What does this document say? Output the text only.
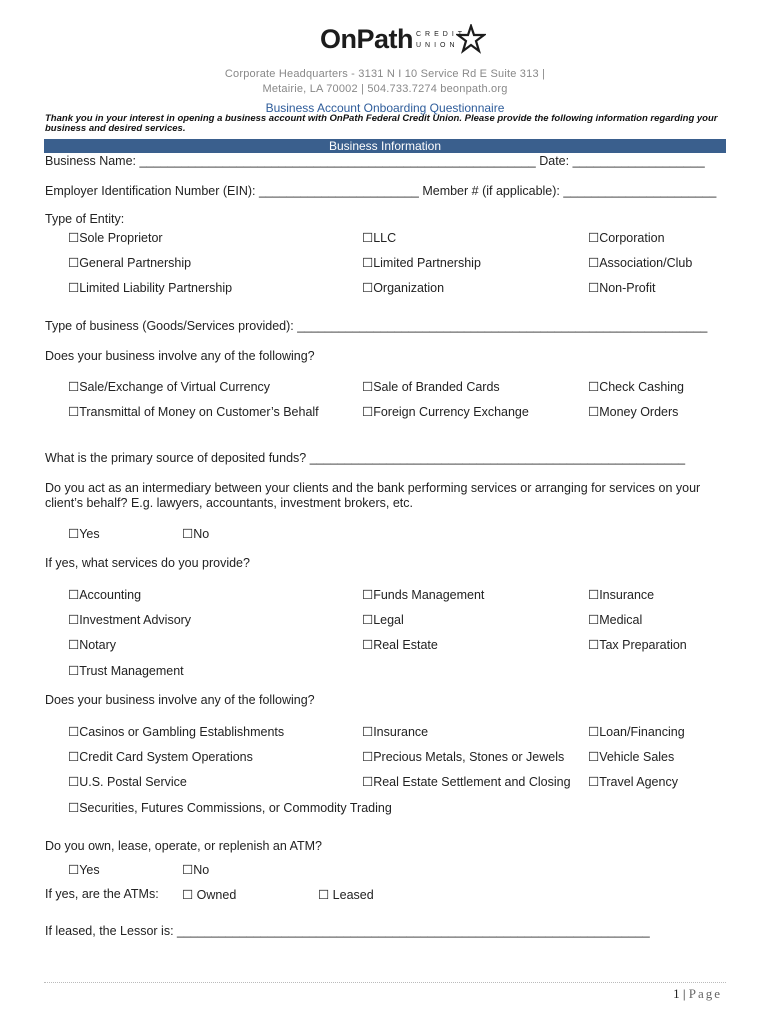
OnPath CREDIT
UNION
Corporate Headquarters - 3131 N I 10 Service Rd E Suite 313 |
Metairie, LA 70002 | 504.733.7274 beonpath.org
Business Account Onboarding Questionnaire
Thank you in your interest in opening a business account with OnPath Federal Credit Union. Please provide the following information regarding your business and desired services.
Business Information
Business Name: _________________________________________________________ Date: ___________________
Employer Identification Number (EIN): _______________________ Member # (if applicable): ______________________
Type of Entity:
☐Sole Proprietor	☐LLC	☐Corporation
☐General Partnership	☐Limited Partnership	☐Association/Club
☐Limited Liability Partnership	☐Organization	☐Non-Profit
Type of business (Goods/Services provided): ___________________________________________________________
Does your business involve any of the following?
☐Sale/Exchange of Virtual Currency	☐Sale of Branded Cards	☐Check Cashing
☐Transmittal of Money on Customer’s Behalf	☐Foreign Currency Exchange	☐Money Orders
What is the primary source of deposited funds? ______________________________________________________
Do you act as an intermediary between your clients and the bank performing services or arranging for services on your client’s behalf? E.g. lawyers, accountants, investment brokers, etc.
☐Yes	☐No
If yes, what services do you provide?
☐Accounting	☐Funds Management	☐Insurance
☐Investment Advisory	☐Legal	☐Medical
☐Notary	☐Real Estate	☐Tax Preparation
☐Trust Management
Does your business involve any of the following?
☐Casinos or Gambling Establishments	☐Insurance	☐Loan/Financing
☐Credit Card System Operations	☐Precious Metals, Stones or Jewels ☐Vehicle Sales
☐U.S. Postal Service	☐Real Estate Settlement and Closing ☐Travel Agency
☐Securities, Futures Commissions, or Commodity Trading
Do you own, lease, operate, or replenish an ATM?
☐Yes	☐No
If yes, are the ATMs: ☐ Owned	☐ Leased
If leased, the Lessor is: ____________________________________________________________________
1 | Page
